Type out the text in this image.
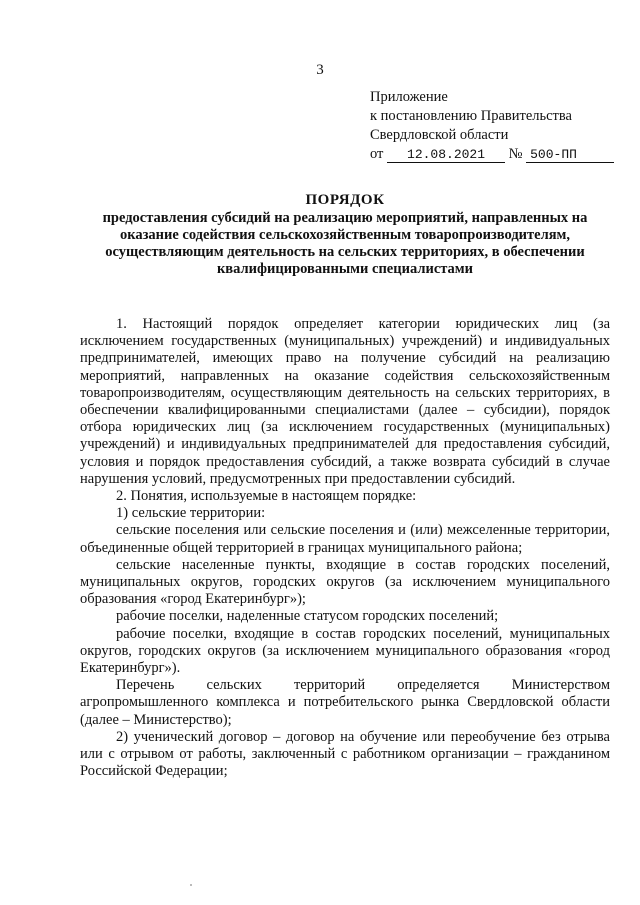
3
Приложение
к постановлению Правительства
Свердловской области
от 12.08.2021 № 500-ПП
ПОРЯДОК
предоставления субсидий на реализацию мероприятий, направленных на оказание содействия сельскохозяйственным товаропроизводителям, осуществляющим деятельность на сельских территориях, в обеспечении квалифицированными специалистами

1. Настоящий порядок определяет категории юридических лиц (за исключением государственных (муниципальных) учреждений) и индивидуальных предпринимателей, имеющих право на получение субсидий на реализацию мероприятий, направленных на оказание содействия сельскохозяйственным товаропроизводителям, осуществляющим деятельность на сельских территориях, в обеспечении квалифицированными специалистами (далее – субсидии), порядок отбора юридических лиц (за исключением государственных (муниципальных) учреждений) и индивидуальных предпринимателей для предоставления субсидий, условия и порядок предоставления субсидий, а также возврата субсидий в случае нарушения условий, предусмотренных при предоставлении субсидий.

2. Понятия, используемые в настоящем порядке:

1) сельские территории:

сельские поселения или сельские поселения и (или) межселенные территории, объединенные общей территорией в границах муниципального района;

сельские населенные пункты, входящие в состав городских поселений, муниципальных округов, городских округов (за исключением муниципального образования «город Екатеринбург»);

рабочие поселки, наделенные статусом городских поселений;

рабочие поселки, входящие в состав городских поселений, муниципальных округов, городских округов (за исключением муниципального образования «город Екатеринбург»).

Перечень сельских территорий определяется Министерством агропромышленного комплекса и потребительского рынка Свердловской области (далее – Министерство);

2) ученический договор – договор на обучение или переобучение без отрыва или с отрывом от работы, заключенный с работником организации – гражданином Российской Федерации;
